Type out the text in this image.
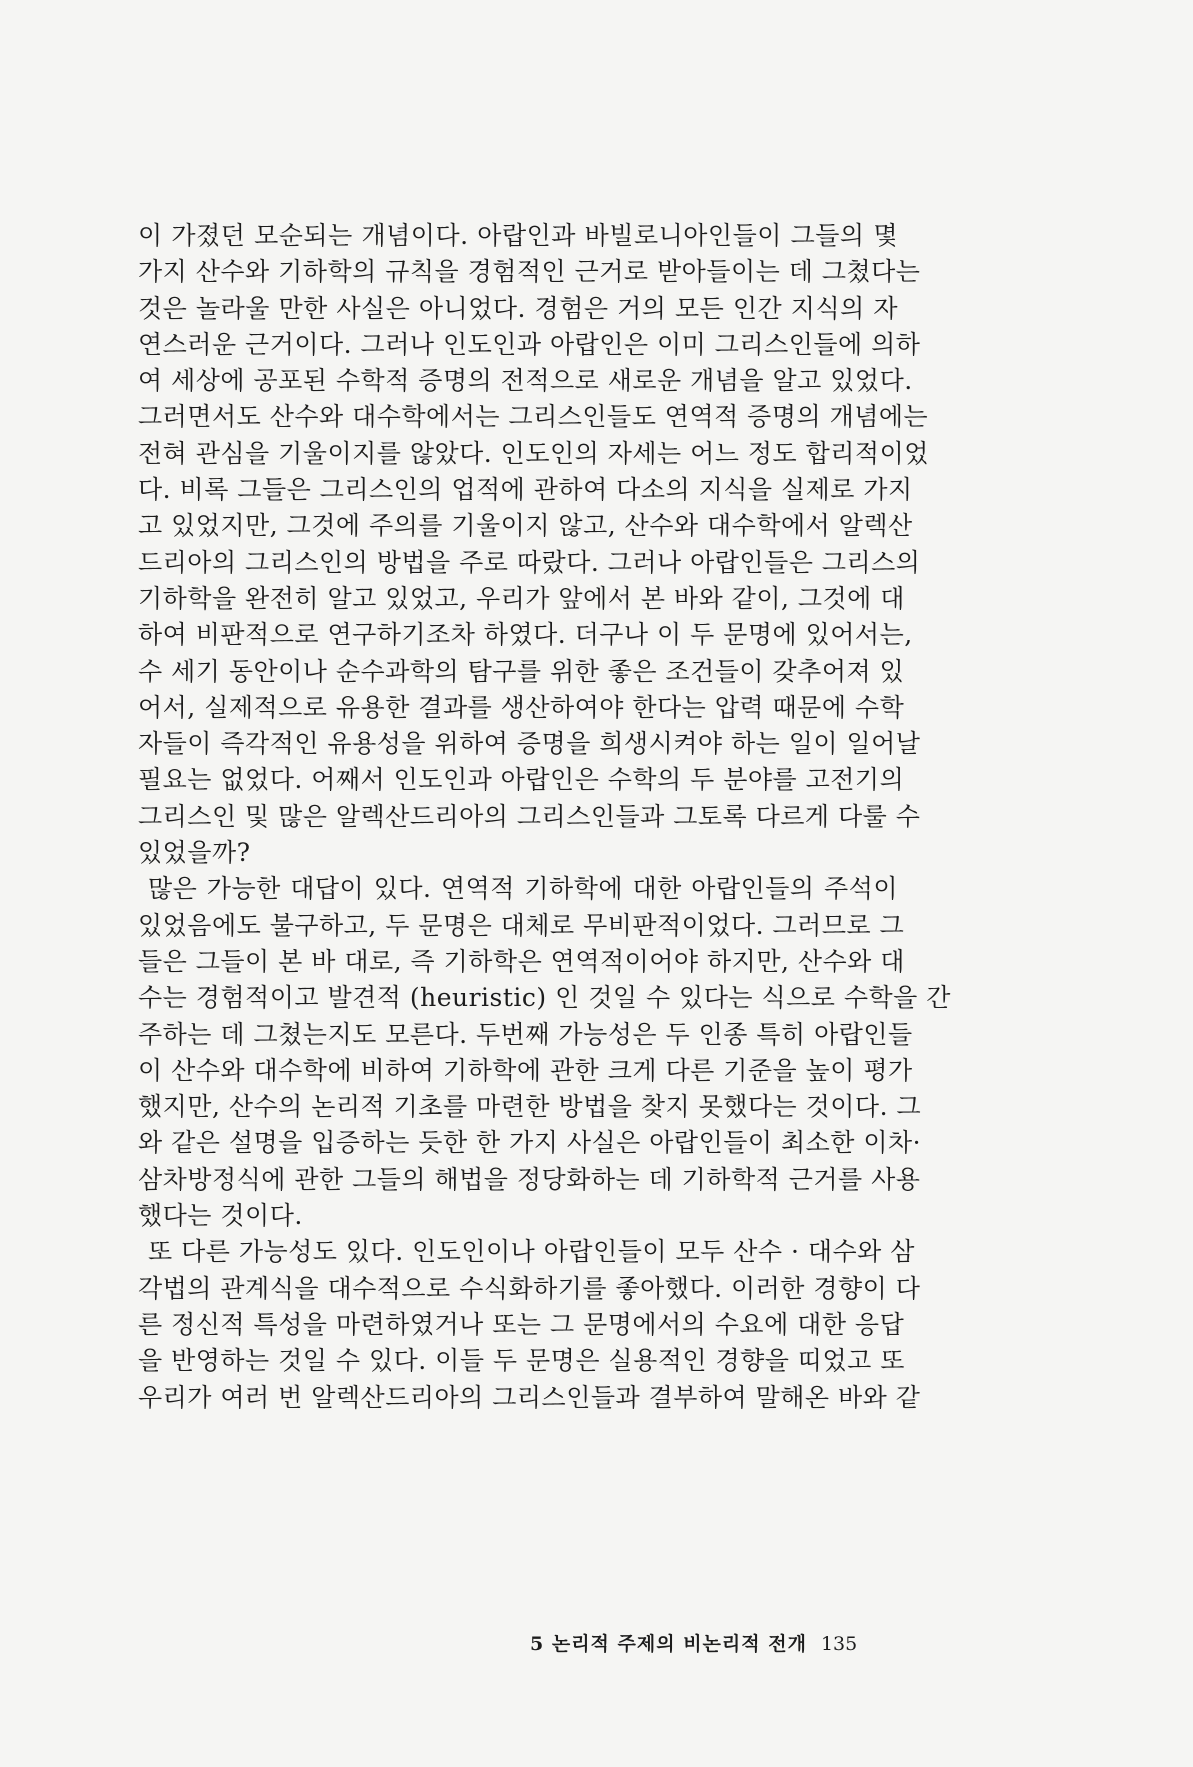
이 가졌던 모순되는 개념이다. 아랍인과 바빌로니아인들이 그들의 몇
가지 산수와 기하학의 규칙을 경험적인 근거로 받아들이는 데 그쳤다는
것은 놀라울 만한 사실은 아니었다. 경험은 거의 모든 인간 지식의 자
연스러운 근거이다. 그러나 인도인과 아랍인은 이미 그리스인들에 의하
여 세상에 공포된 수학적 증명의 전적으로 새로운 개념을 알고 있었다.
그러면서도 산수와 대수학에서는 그리스인들도 연역적 증명의 개념에는
전혀 관심을 기울이지를 않았다. 인도인의 자세는 어느 정도 합리적이었
다. 비록 그들은 그리스인의 업적에 관하여 다소의 지식을 실제로 가지
고 있었지만, 그것에 주의를 기울이지 않고, 산수와 대수학에서 알렉산
드리아의 그리스인의 방법을 주로 따랐다. 그러나 아랍인들은 그리스의
기하학을 완전히 알고 있었고, 우리가 앞에서 본 바와 같이, 그것에 대
하여 비판적으로 연구하기조차 하였다. 더구나 이 두 문명에 있어서는,
수 세기 동안이나 순수과학의 탐구를 위한 좋은 조건들이 갖추어져 있
어서, 실제적으로 유용한 결과를 생산하여야 한다는 압력 때문에 수학
자들이 즉각적인 유용성을 위하여 증명을 희생시켜야 하는 일이 일어날
필요는 없었다. 어째서 인도인과 아랍인은 수학의 두 분야를 고전기의
그리스인 및 많은 알렉산드리아의 그리스인들과 그토록 다르게 다룰 수
있었을까?
많은 가능한 대답이 있다. 연역적 기하학에 대한 아랍인들의 주석이
있었음에도 불구하고, 두 문명은 대체로 무비판적이었다. 그러므로 그
들은 그들이 본 바 대로, 즉 기하학은 연역적이어야 하지만, 산수와 대
수는 경험적이고 발견적 (heuristic) 인 것일 수 있다는 식으로 수학을 간
주하는 데 그쳤는지도 모른다. 두번째 가능성은 두 인종 특히 아랍인들
이 산수와 대수학에 비하여 기하학에 관한 크게 다른 기준을 높이 평가
했지만, 산수의 논리적 기초를 마련한 방법을 찾지 못했다는 것이다. 그
와 같은 설명을 입증하는 듯한 한 가지 사실은 아랍인들이 최소한 이차·
삼차방정식에 관한 그들의 해법을 정당화하는 데 기하학적 근거를 사용
했다는 것이다.
또 다른 가능성도 있다. 인도인이나 아랍인들이 모두 산수 · 대수와 삼
각법의 관계식을 대수적으로 수식화하기를 좋아했다. 이러한 경향이 다
른 정신적 특성을 마련하였거나 또는 그 문명에서의 수요에 대한 응답
을 반영하는 것일 수 있다. 이들 두 문명은 실용적인 경향을 띠었고 또
우리가 여러 번 알렉산드리아의 그리스인들과 결부하여 말해온 바와 같
5 논리적 주제의 비논리적 전개 135
